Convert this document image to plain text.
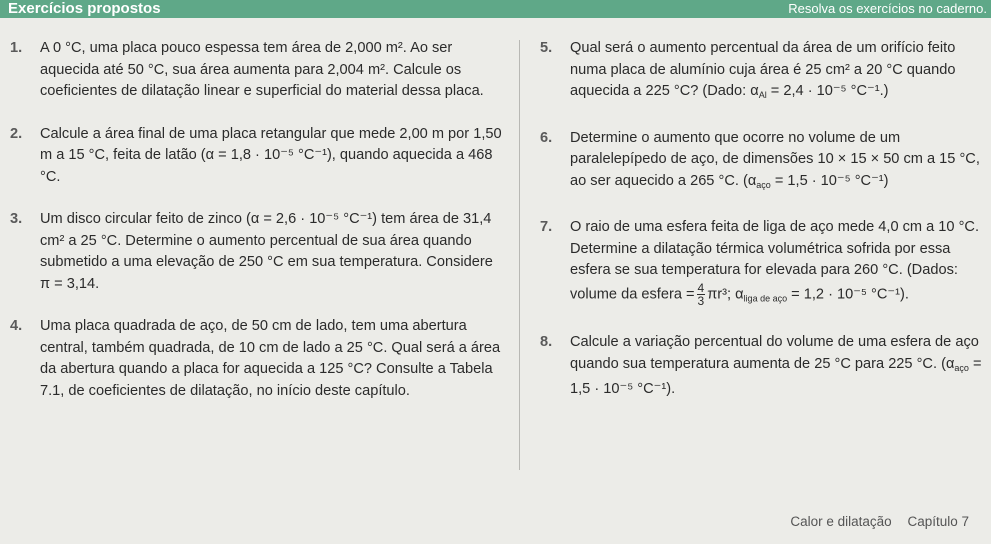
Exercícios propostos	Resolva os exercícios no caderno.
1.	A 0 °C, uma placa pouco espessa tem área de 2,000 m². Ao ser aquecida até 50 °C, sua área aumenta para 2,004 m². Calcule os coeficientes de dilatação linear e superficial do material dessa placa.

2.	Calcule a área final de uma placa retangular que mede 2,00 m por 1,50 m a 15 °C, feita de latão (α = 1,8 · 10⁻⁵ °C⁻¹), quando aquecida a 468 °C.

3.	Um disco circular feito de zinco (α = 2,6 · 10⁻⁵ °C⁻¹) tem área de 31,4 cm² a 25 °C. Determine o aumento percentual de sua área quando submetido a uma elevação de 250 °C em sua temperatura. Considere π = 3,14.

4.	Uma placa quadrada de aço, de 50 cm de lado, tem uma abertura central, também quadrada, de 10 cm de lado a 25 °C. Qual será a área da abertura quando a placa for aquecida a 125 °C? Consulte a Tabela 7.1, de coeficientes de dilatação, no início deste capítulo.

5.	Qual será o aumento percentual da área de um orifício feito numa placa de alumínio cuja área é 25 cm² a 20 °C quando aquecida a 225 °C? (Dado: $\alpha_{Al} = 2,4 \cdot 10^{-5}$ °C⁻¹.)

6.	Determine o aumento que ocorre no volume de um paralelepípedo de aço, de dimensões 10 × 15 × 50 cm a 15 °C, ao ser aquecido a 265 °C. ($\alpha_{aço} = 1,5 \cdot 10^{-5}$ °C⁻¹)

7.	O raio de uma esfera feita de liga de aço mede 4,0 cm a 10 °C. Determine a dilatação térmica volumétrica sofrida por essa esfera se sua temperatura for elevada para 260 °C. (Dados: volume da esfera = $\frac{4}{3} \pi r^3$; $\alpha_{liga de aço} = 1,2 \cdot 10^{-5}$ °C⁻¹).

8.	Calcule a variação percentual do volume de uma esfera de aço quando sua temperatura aumenta de 25 °C para 225 °C. ($\alpha_{aço} = 1,5 \cdot 10^{-5}$ °C⁻¹).

Calor e dilatação Capítulo 7
